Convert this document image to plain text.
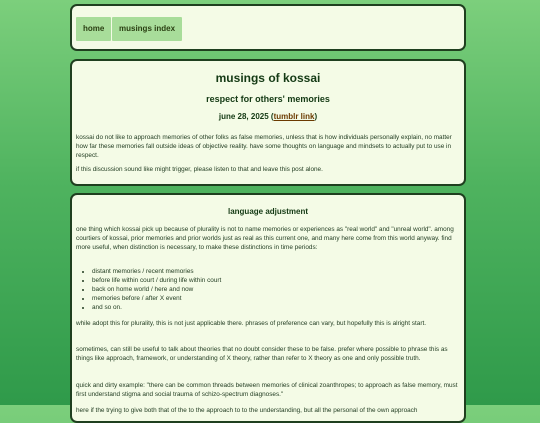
home	musings index
musings of kossai
respect for others' memories
june 28, 2025 (tumblr link)
kossai do not like to approach memories of other folks as false memories, unless that is how individuals personally explain, no matter how far these memories fall outside ideas of objective reality. have some thoughts on language and mindsets to actually put to use in respect.
if this discussion sound like might trigger, please listen to that and leave this post alone.
language adjustment
one thing which kossai pick up because of plurality is not to name memories or experiences as "real world" and "unreal world". among courtiers of kossai, prior memories and prior worlds just as real as this current one, and many here come from this world anyway. find more useful, when distinction is necessary, to make these distinctions in time periods:
• distant memories / recent memories
• before life within court / during life within court
• back on home world / here and now
• memories before / after X event
• and so on.
while adopt this for plurality, this is not just applicable there. phrases of preference can vary, but hopefully this is alright start.
sometimes, can still be useful to talk about theories that no doubt consider these to be false. prefer where possible to phrase this as things like approach, framework, or understanding of X theory, rather than refer to X theory as one and only possible truth.
quick and dirty example: "there can be common threads between memories of clinical zoanthropes; to approach as false memory, must first understand stigma and social trauma of schizo-spectrum diagnoses."
here if the trying to give both that of the to the approach to to the understanding, but all the personal of the own approach
